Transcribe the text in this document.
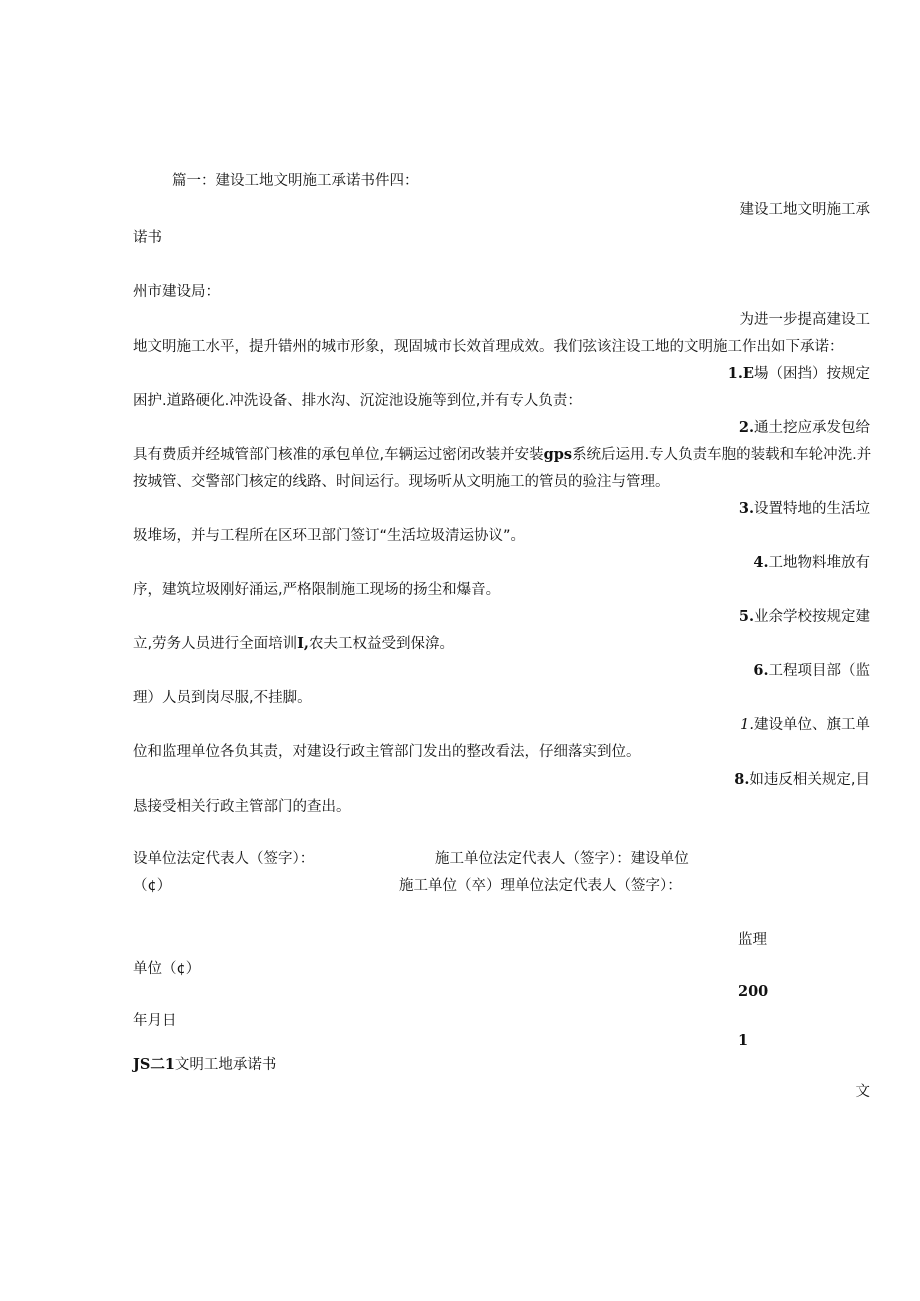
篇一：建设工地文明施工承诺书件四：
建设工地文明施工承
诺书
州市建设局：
为进一步提高建设工
地文明施工水平，提升错州的城市形象，现固城市长效首理成效。我们弦该注设工地的文明施工作出如下承诺：
1.E場（困挡）按规定
困护.道路硬化.冲洗设备、排水沟、沉淀池设施等到位,并有专人负责：
2.通土挖应承发包给
具有费质并经城管部门核准的承包单位,车辆运过密闭改装并安装gps系统后运用.专人负责车胞的装载和车轮冲洗.并
按城管、交警部门核定的线路、时间运行。现场听从文明施工的管员的验注与管理。
3.设置特地的生活垃
圾堆场，并与工程所在区环卫部门签订“生活垃圾清运协议”。
4.工地物料堆放有
序，建筑垃圾刚好涌运,严格限制施工现场的扬尘和爆音。
5.业余学校按规定建
立,劳务人员进行全面培训I,农夫工权益受到保渰。
6.工程项目部（监
理）人员到岗尽服,不挂脚。
1.建设单位、旗工单
位和监理单位各负其责，对建设行政主管部门发出的整改看法，仔细落实到位。
8.如违反相关规定,目
恳接受相关行政主管部门的查出。
设单位法定代表人（签字）：	施工单位法定代表人（签字）：建设单位
（¢）	施工单位（卒）理单位法定代表人（签字）：
监理
单位（¢）
200
年月日
1
JS二1文明工地承诺书
文
